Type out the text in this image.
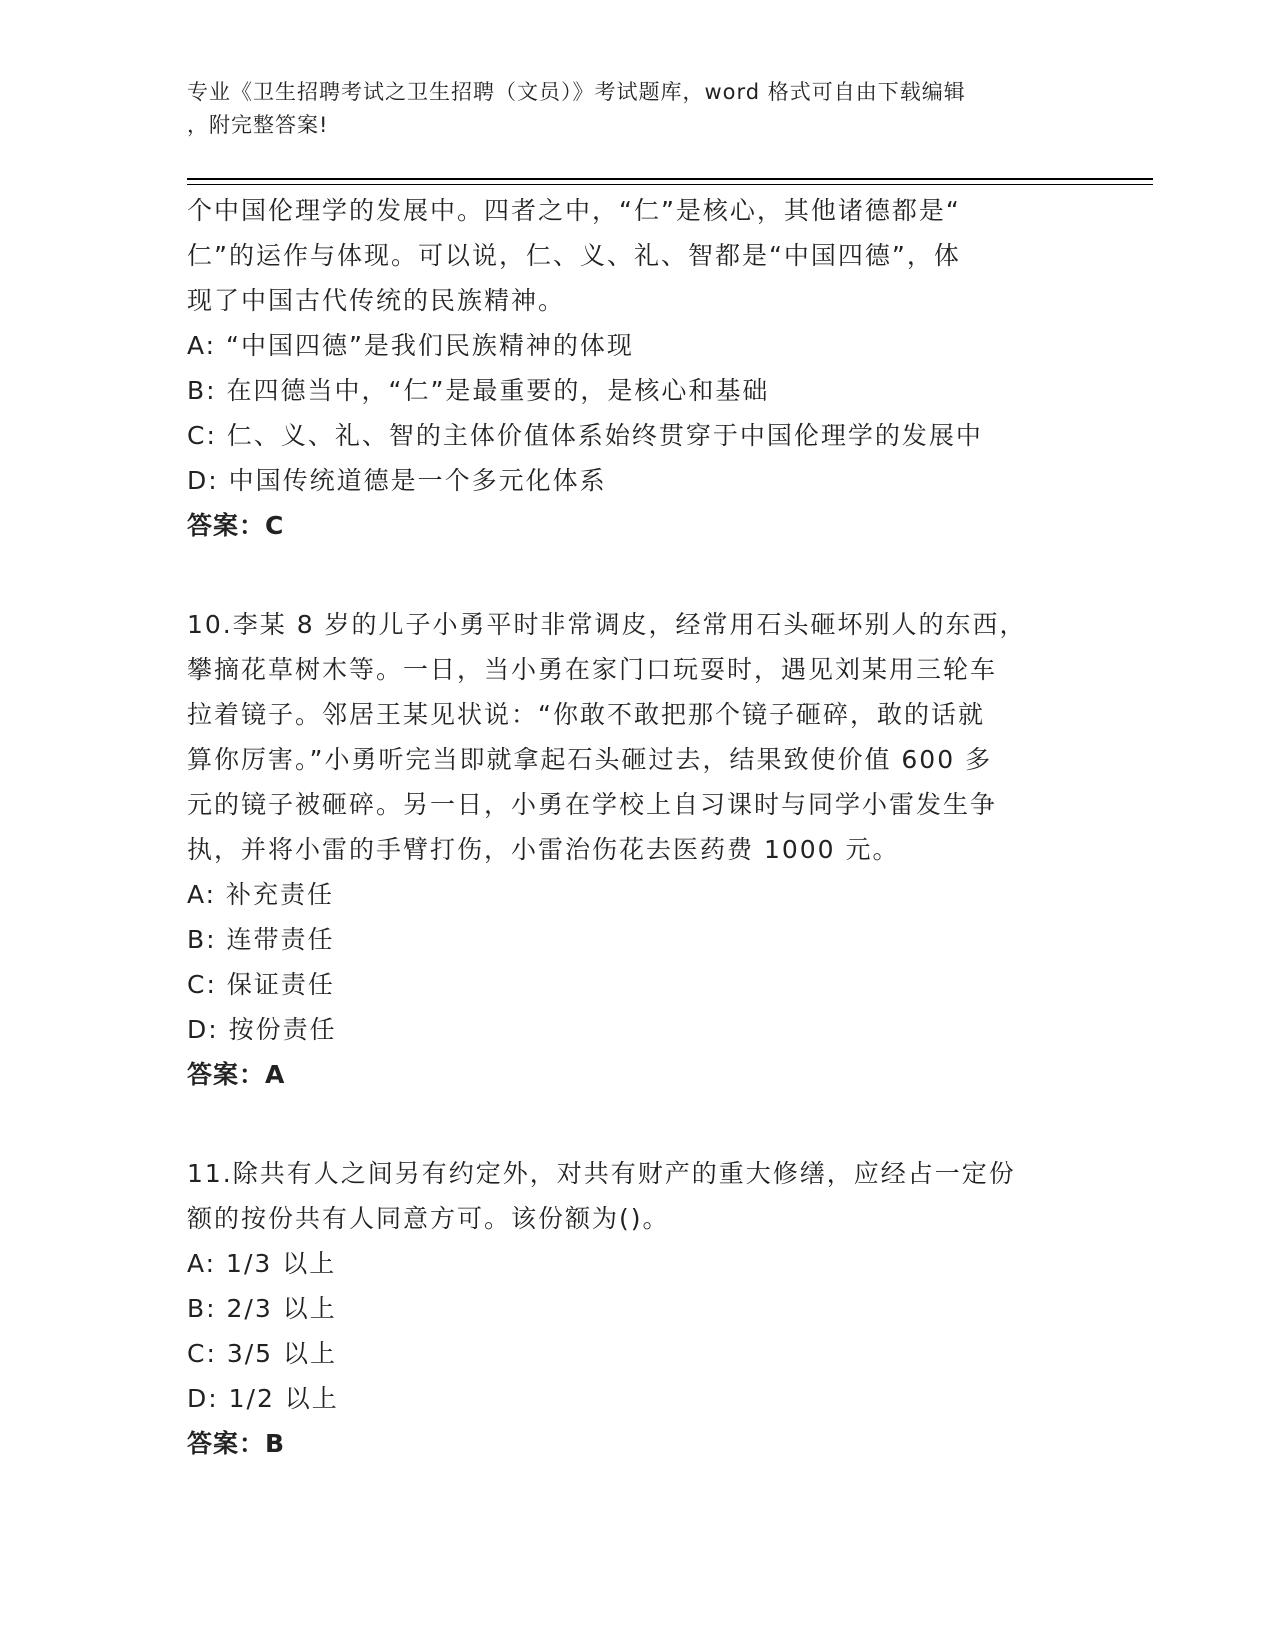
专业《卫生招聘考试之卫生招聘（文员）》考试题库，word 格式可自由下载编辑
，附完整答案!

个中国伦理学的发展中。四者之中，“仁”是核心，其他诸德都是“

仁”的运作与体现。可以说，仁、义、礼、智都是“中国四德”，体

现了中国古代传统的民族精神。

A: “中国四德”是我们民族精神的体现

B: 在四德当中，“仁”是最重要的，是核心和基础

C: 仁、义、礼、智的主体价值体系始终贯穿于中国伦理学的发展中

D: 中国传统道德是一个多元化体系

答案：C

10.李某 8 岁的儿子小勇平时非常调皮，经常用石头砸坏别人的东西，

攀摘花草树木等。一日，当小勇在家门口玩耍时，遇见刘某用三轮车

拉着镜子。邻居王某见状说：“你敢不敢把那个镜子砸碎，敢的话就

算你厉害。”小勇听完当即就拿起石头砸过去，结果致使价值 600 多

元的镜子被砸碎。另一日，小勇在学校上自习课时与同学小雷发生争

执，并将小雷的手臂打伤，小雷治伤花去医药费 1000 元。

A: 补充责任

B: 连带责任

C: 保证责任

D: 按份责任

答案：A

11.除共有人之间另有约定外，对共有财产的重大修缮，应经占一定份

额的按份共有人同意方可。该份额为()。

A: 1/3 以上

B: 2/3 以上

C: 3/5 以上

D: 1/2 以上

答案：B
